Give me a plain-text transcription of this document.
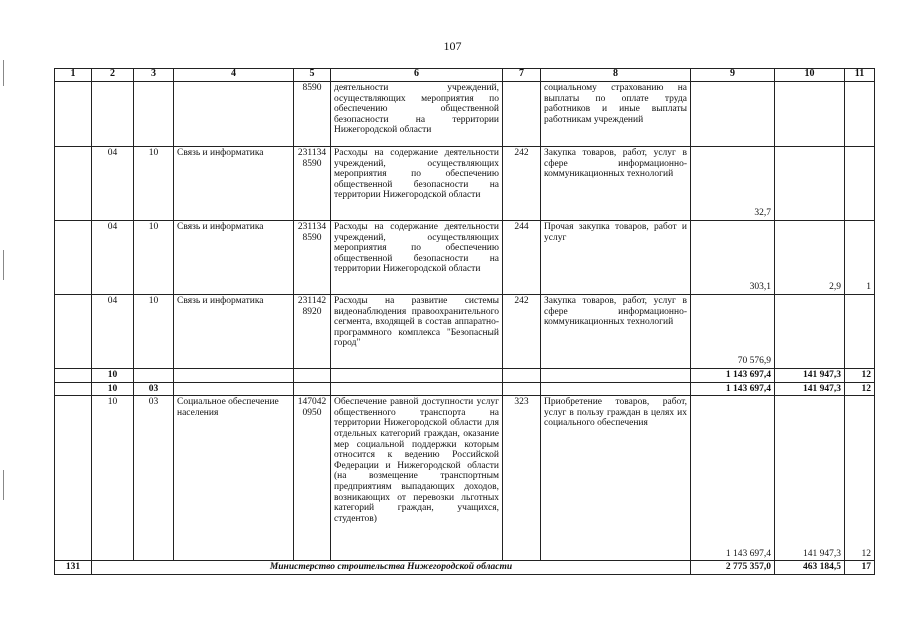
107
1	2	3	4	5	6	7	8	9	10	11
				8590	деятельности учреждений, осуществляющих мероприятия по обеспечению общественной безопасности на территории Нижегородской области		социальному страхованию на выплаты по оплате труда работников и иные выплаты работникам учреждений			
	04	10	Связь и информатика	231134 8590	Расходы на содержание деятельности учреждений, осуществляющих мероприятия по обеспечению общественной безопасности на территории Нижегородской области	242	Закупка товаров, работ, услуг в сфере информационно-коммуникационных технологий	32,7		
	04	10	Связь и информатика	231134 8590	Расходы на содержание деятельности учреждений, осуществляющих мероприятия по обеспечению общественной безопасности на территории Нижегородской области	244	Прочая закупка товаров, работ и услуг	303,1	2,9	1
	04	10	Связь и информатика	231142 8920	Расходы на развитие системы видеонаблюдения правоохранительного сегмента, входящей в состав аппаратно-программного комплекса "Безопасный город"	242	Закупка товаров, работ, услуг в сфере информационно-коммуникационных технологий	70 576,9		
	10							1 143 697,4	141 947,3	12
	10	03						1 143 697,4	141 947,3	12
	10	03	Социальное обеспечение населения	147042 0950	Обеспечение равной доступности услуг общественного транспорта на территории Нижегородской области для отдельных категорий граждан, оказание мер социальной поддержки которым относится к ведению Российской Федерации и Нижегородской области (на возмещение транспортным предприятиям выпадающих доходов, возникающих от перевозки льготных категорий граждан, учащихся, студентов)	323	Приобретение товаров, работ, услуг в пользу граждан в целях их социального обеспечения	1 143 697,4	141 947,3	12
131	Министерство строительства Нижегородской области							2 775 357,0	463 184,5	17
